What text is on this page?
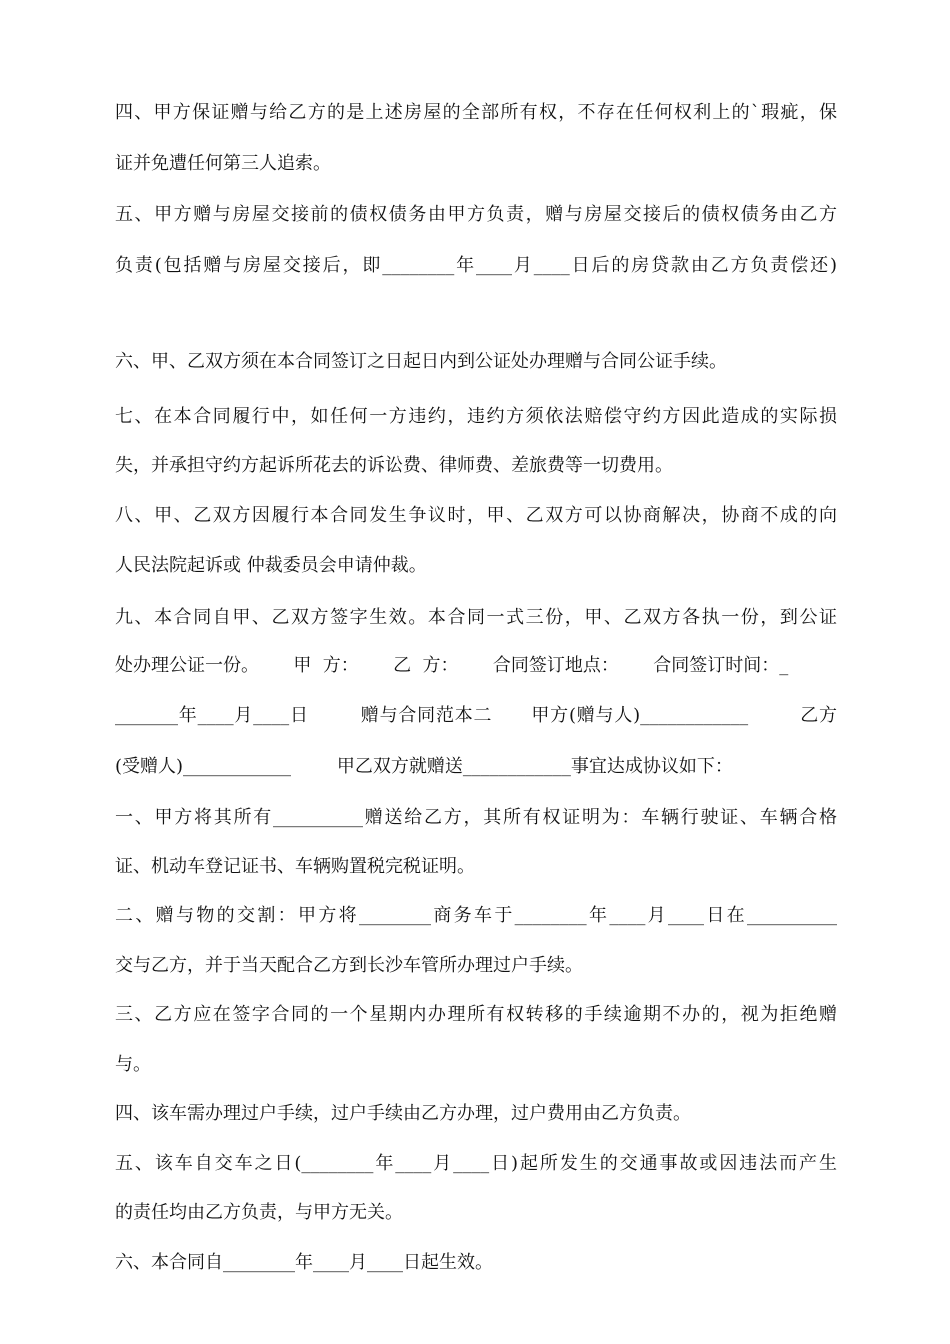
四、甲方保证赠与给乙方的是上述房屋的全部所有权，不存在任何权利上的`瑕疵，保
证并免遭任何第三人追索。
五、甲方赠与房屋交接前的债权债务由甲方负责，赠与房屋交接后的债权债务由乙方
负责(包括赠与房屋交接后，即________年____月____日后的房贷款由乙方负责偿还)
六、甲、乙双方须在本合同签订之日起日内到公证处办理赠与合同公证手续。
七、在本合同履行中，如任何一方违约，违约方须依法赔偿守约方因此造成的实际损
失，并承担守约方起诉所花去的诉讼费、律师费、差旅费等一切费用。
八、甲、乙双方因履行本合同发生争议时，甲、乙双方可以协商解决，协商不成的向
人民法院起诉或 仲裁委员会申请仲裁。
九、本合同自甲、乙双方签字生效。本合同一式三份，甲、乙双方各执一份，到公证
处办理公证一份。      甲  方：      乙  方：      合同签订地点：      合同签订时间：_
_______年____月____日        赠与合同范本二      甲方(赠与人)____________        乙方
(受赠人)____________        甲乙双方就赠送____________事宜达成协议如下：
一、甲方将其所有__________赠送给乙方，其所有权证明为：车辆行驶证、车辆合格
证、机动车登记证书、车辆购置税完税证明。
二、赠与物的交割：甲方将________商务车于________年____月____日在__________
交与乙方，并于当天配合乙方到长沙车管所办理过户手续。
三、乙方应在签字合同的一个星期内办理所有权转移的手续逾期不办的，视为拒绝赠
与。
四、该车需办理过户手续，过户手续由乙方办理，过户费用由乙方负责。
五、该车自交车之日(________年____月____日)起所发生的交通事故或因违法而产生
的责任均由乙方负责，与甲方无关。
六、本合同自________年____月____日起生效。
